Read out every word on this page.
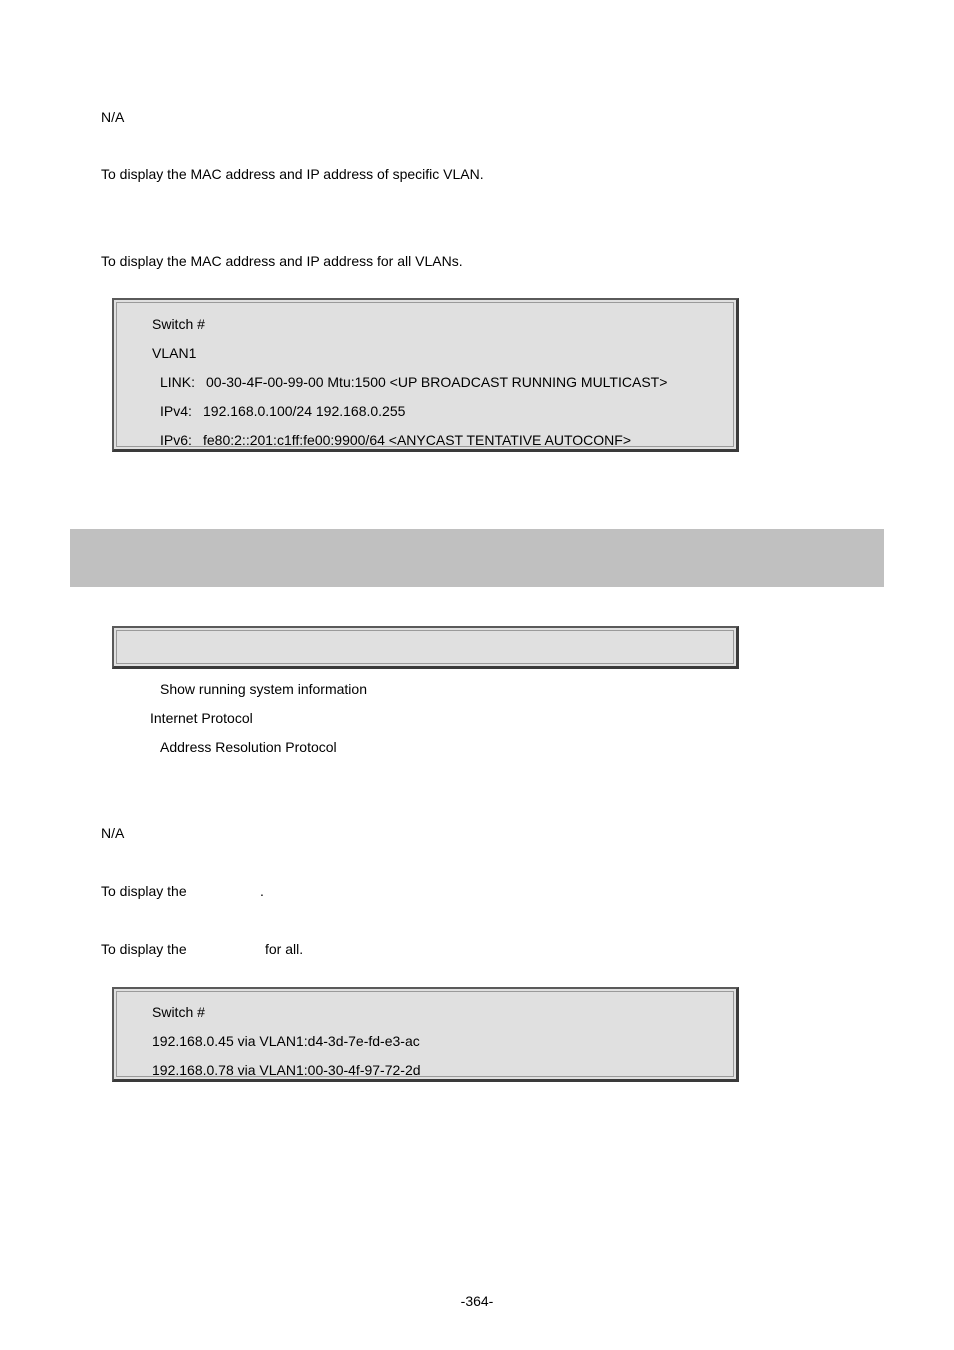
N/A
To display the MAC address and IP address of specific VLAN.
To display the MAC address and IP address for all VLANs.
Switch #
VLAN1
LINK: 00-30-4F-00-99-00 Mtu:1500 <UP BROADCAST RUNNING MULTICAST>
IPv4: 192.168.0.100/24 192.168.0.255
IPv6: fe80:2::201:c1ff:fe00:9900/64 <ANYCAST TENTATIVE AUTOCONF>
Show running system information
Internet Protocol
Address Resolution Protocol
N/A
To display the	.
To display the	for all.
Switch #
192.168.0.45 via VLAN1:d4-3d-7e-fd-e3-ac
192.168.0.78 via VLAN1:00-30-4f-97-72-2d
-364-
